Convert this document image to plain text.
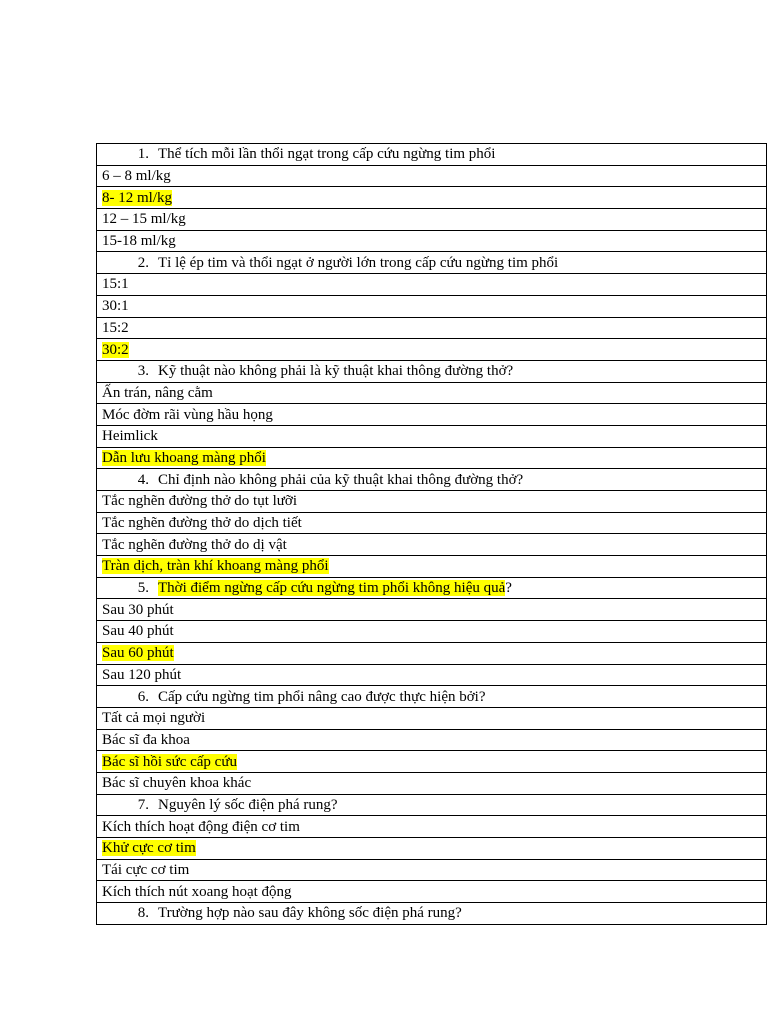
1. Thể tích mỗi lần thổi ngạt trong cấp cứu ngừng tim phổi
6 – 8 ml/kg
8- 12 ml/kg
12 – 15 ml/kg
15-18 ml/kg
2. Tỉ lệ ép tim và thổi ngạt ở người lớn trong cấp cứu ngừng tim phổi
15:1
30:1
15:2
30:2
3. Kỹ thuật nào không phải là kỹ thuật khai thông đường thở?
Ấn trán, nâng cằm
Móc đờm rãi vùng hầu họng
Heimlick
Dẫn lưu khoang màng phổi
4. Chỉ định nào không phải của kỹ thuật khai thông đường thở?
Tắc nghẽn đường thở do tụt lưỡi
Tắc nghẽn đường thở do dịch tiết
Tắc nghẽn đường thở do dị vật
Tràn dịch, tràn khí khoang màng phổi
5. Thời điểm ngừng cấp cứu ngừng tim phổi không hiệu quả?
Sau 30 phút
Sau 40 phút
Sau 60 phút
Sau 120 phút
6. Cấp cứu ngừng tim phổi nâng cao được thực hiện bởi?
Tất cả mọi người
Bác sĩ đa khoa
Bác sĩ hồi sức cấp cứu
Bác sĩ chuyên khoa khác
7. Nguyên lý sốc điện phá rung?
Kích thích hoạt động điện cơ tim
Khử cực cơ tim
Tái cực cơ tim
Kích thích nút xoang hoạt động
8. Trường hợp nào sau đây không sốc điện phá rung?
